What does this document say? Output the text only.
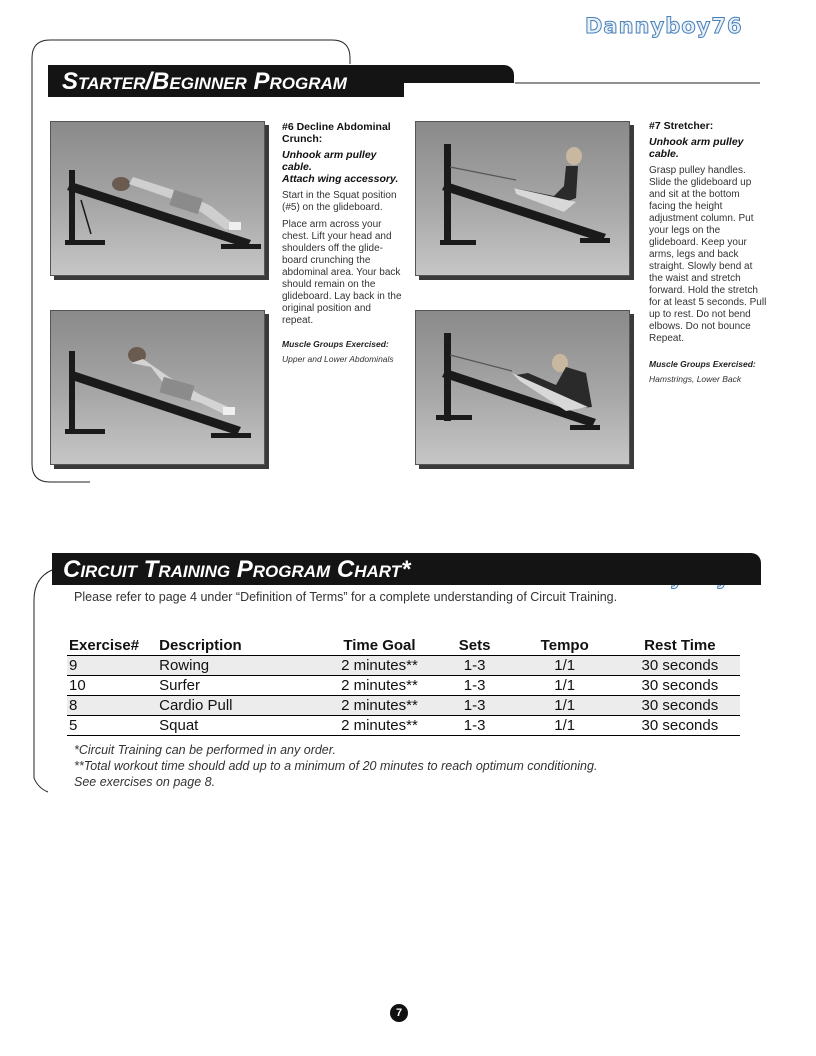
Dannyboy76
Starter/Beginner Program
#6 Decline Abdominal Crunch:
Unhook arm pulley cable.
Attach wing accessory.
Start in the Squat position (#5) on the glideboard.
Place arm across your chest. Lift your head and shoulders off the glide-board crunching the abdominal area. Your back should remain on the glideboard. Lay back in the original position and repeat.
Muscle Groups Exercised:
Upper and Lower Abdominals
#7 Stretcher:
Unhook arm pulley cable.
Grasp pulley handles. Slide the glideboard up and sit at the bottom facing the height adjustment column. Put your legs on the glideboard. Keep your arms, legs and back straight. Slowly bend at the waist and stretch forward. Hold the stretch for at least 5 seconds. Pull up to rest. Do not bend elbows. Do not bounce Repeat.
Muscle Groups Exercised:
Hamstrings, Lower Back
Circuit Training Program Chart*
Please refer to page 4 under “Definition of Terms” for a complete understanding of Circuit Training.
Exercise#	Description	Time Goal	Sets	Tempo	Rest Time
9	Rowing	2 minutes**	1-3	1/1	30 seconds
10	Surfer	2 minutes**	1-3	1/1	30 seconds
8	Cardio Pull	2 minutes**	1-3	1/1	30 seconds
5	Squat	2 minutes**	1-3	1/1	30 seconds
*Circuit Training can be performed in any order.
**Total workout time should add up to a minimum of 20 minutes to reach optimum conditioning.
See exercises on page 8.
7
